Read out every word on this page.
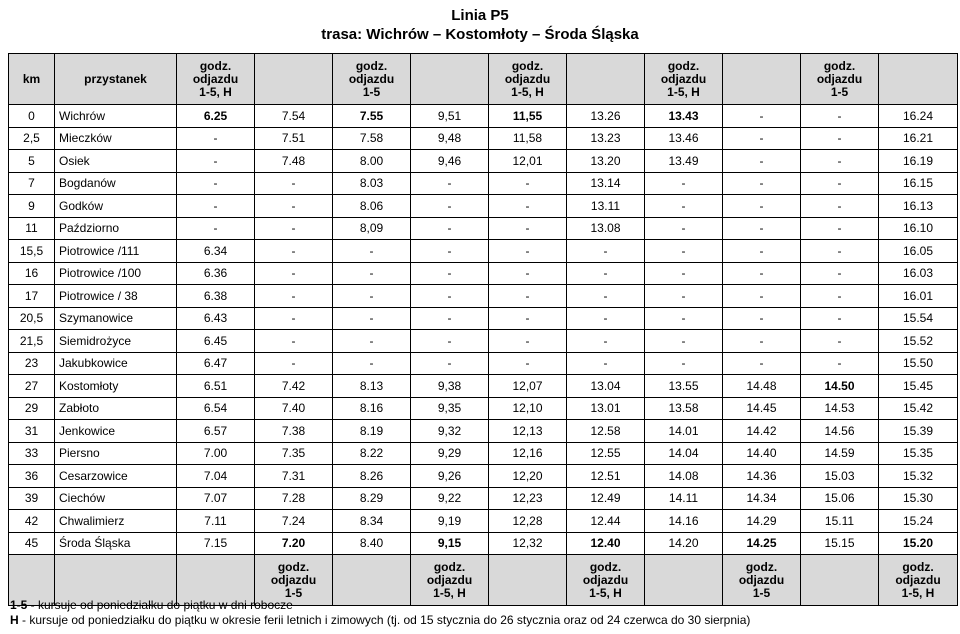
Linia P5
trasa: Wichrów – Kostomłoty – Środa Śląska
km	przystanek	godz.
odjazdu
1-5, H		godz.
odjazdu
1-5		godz.
odjazdu
1-5, H		godz.
odjazdu
1-5, H		godz.
odjazdu
1-5	
0	Wichrów	6.25	7.54	7.55	9,51	11,55	13.26	13.43	-	-	16.24
2,5	Mieczków	-	7.51	7.58	9,48	11,58	13.23	13.46	-	-	16.21
5	Osiek	-	7.48	8.00	9,46	12,01	13.20	13.49	-	-	16.19
7	Bogdanów	-	-	8.03	-	-	13.14	-	-	-	16.15
9	Godków	-	-	8.06	-	-	13.11	-	-	-	16.13
11	Paździorno	-	-	8,09	-	-	13.08	-	-	-	16.10
15,5	Piotrowice /111	6.34	-	-	-	-	-	-	-	-	16.05
16	Piotrowice /100	6.36	-	-	-	-	-	-	-	-	16.03
17	Piotrowice / 38	6.38	-	-	-	-	-	-	-	-	16.01
20,5	Szymanowice	6.43	-	-	-	-	-	-	-	-	15.54
21,5	Siemidrożyce	6.45	-	-	-	-	-	-	-	-	15.52
23	Jakubkowice	6.47	-	-	-	-	-	-	-	-	15.50
27	Kostomłoty	6.51	7.42	8.13	9,38	12,07	13.04	13.55	14.48	14.50	15.45
29	Zabłoto	6.54	7.40	8.16	9,35	12,10	13.01	13.58	14.45	14.53	15.42
31	Jenkowice	6.57	7.38	8.19	9,32	12,13	12.58	14.01	14.42	14.56	15.39
33	Piersno	7.00	7.35	8.22	9,29	12,16	12.55	14.04	14.40	14.59	15.35
36	Cesarzowice	7.04	7.31	8.26	9,26	12,20	12.51	14.08	14.36	15.03	15.32
39	Ciechów	7.07	7.28	8.29	9,22	12,23	12.49	14.11	14.34	15.06	15.30
42	Chwalimierz	7.11	7.24	8.34	9,19	12,28	12.44	14.16	14.29	15.11	15.24
45	Środa Śląska	7.15	7.20	8.40	9,15	12,32	12.40	14.20	14.25	15.15	15.20
			godz.
odjazdu
1-5		godz.
odjazdu
1-5, H		godz.
odjazdu
1-5, H		godz.
odjazdu
1-5		godz.
odjazdu
1-5, H
1-5 - kursuje od poniedziałku do piątku w dni robocze
H - kursuje od poniedziałku do piątku w okresie ferii letnich i zimowych (tj. od 15 stycznia do 26 stycznia oraz od 24 czerwca do 30 sierpnia)
